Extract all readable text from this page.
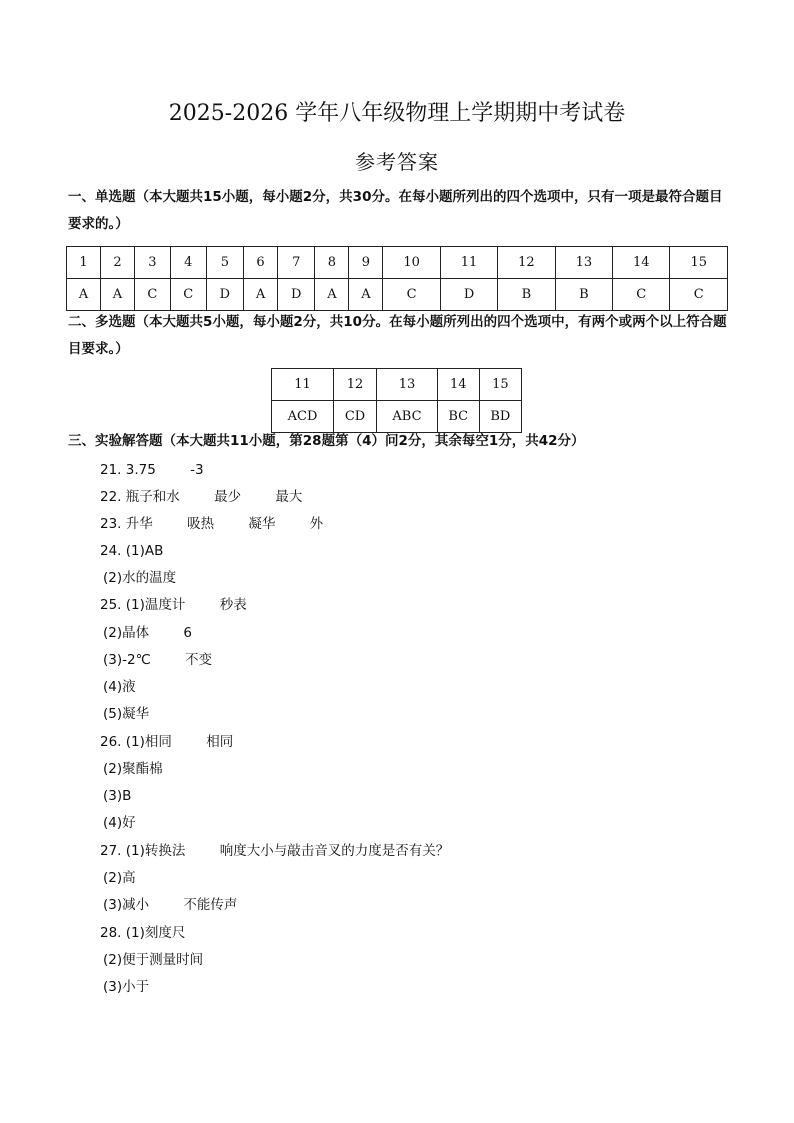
2025-2026 学年八年级物理上学期期中考试卷
参考答案
一、单选题（本大题共15小题，每小题2分，共30分。在每小题所列出的四个选项中，只有一项是最符合题目要求的。）
1	2	3	4	5	6	7	8	9	10	11	12	13	14	15
A	A	C	C	D	A	D	A	A	C	D	B	B	C	C
二、多选题（本大题共5小题，每小题2分，共10分。在每小题所列出的四个选项中，有两个或两个以上符合题目要求。）
11	12	13	14	15
ACD	CD	ABC	BC	BD
三、实验解答题（本大题共11小题，第28题第（4）问2分，其余每空1分，共42分）
21. 3.75	-3
22. 瓶子和水	最少	最大
23. 升华	吸热	凝华	外
24. (1)AB
(2)水的温度
25. (1)温度计	秒表
(2)晶体	6
(3)-2℃	不变
(4)液
(5)凝华
26. (1)相同	相同
(2)聚酯棉
(3)B
(4)好
27. (1)转换法	响度大小与敲击音叉的力度是否有关？
(2)高
(3)减小	不能传声
28. (1)刻度尺
(2)便于测量时间
(3)小于
